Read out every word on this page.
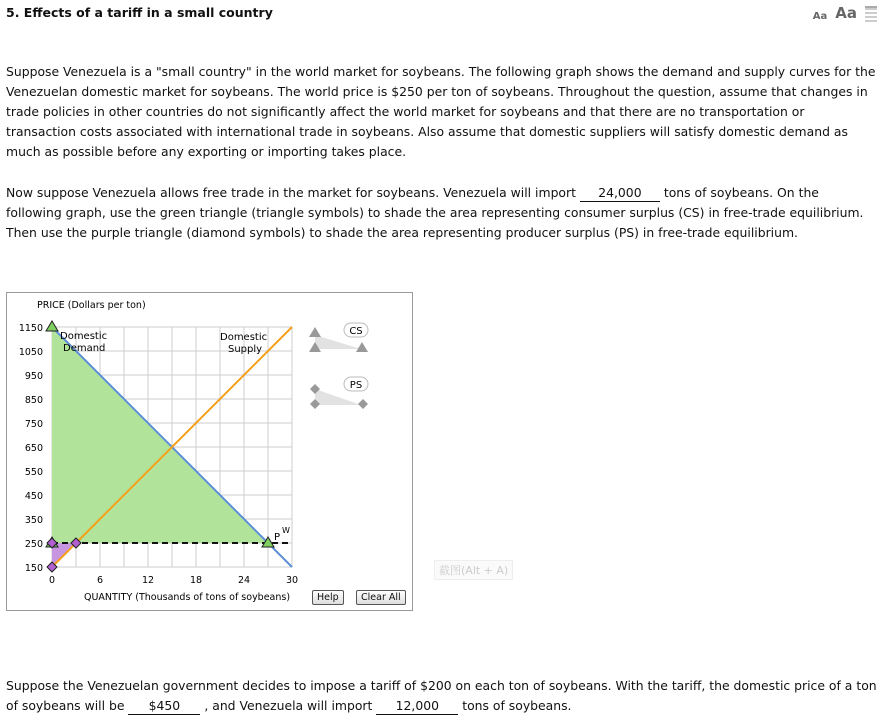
5. Effects of a tariff in a small country	Aa Aa

Suppose Venezuela is a "small country" in the world market for soybeans. The following graph shows the demand and supply curves for the Venezuelan domestic market for soybeans. The world price is $250 per ton of soybeans. Throughout the question, assume that changes in trade policies in other countries do not significantly affect the world market for soybeans and that there are no transportation or transaction costs associated with international trade in soybeans. Also assume that domestic suppliers will satisfy domestic demand as much as possible before any exporting or importing takes place.

Now suppose Venezuela allows free trade in the market for soybeans. Venezuela will import 24,000 tons of soybeans. On the following graph, use the green triangle (triangle symbols) to shade the area representing consumer surplus (CS) in free-trade equilibrium. Then use the purple triangle (diamond symbols) to shade the area representing producer surplus (PS) in free-trade equilibrium.

Domestic
Demand
Domestic
Supply
P
W
PRICE (Dollars per ton)
QUANTITY (Thousands of tons of soybeans)
1150
1050
950
850
750
650
550
450
350
250
150
0	6	12	18	24	30
CS
PS
Help	Clear All
截图(Alt + A)

Suppose the Venezuelan government decides to impose a tariff of $200 on each ton of soybeans. With the tariff, the domestic price of a ton of soybeans will be $450 , and Venezuela will import 12,000 tons of soybeans.
